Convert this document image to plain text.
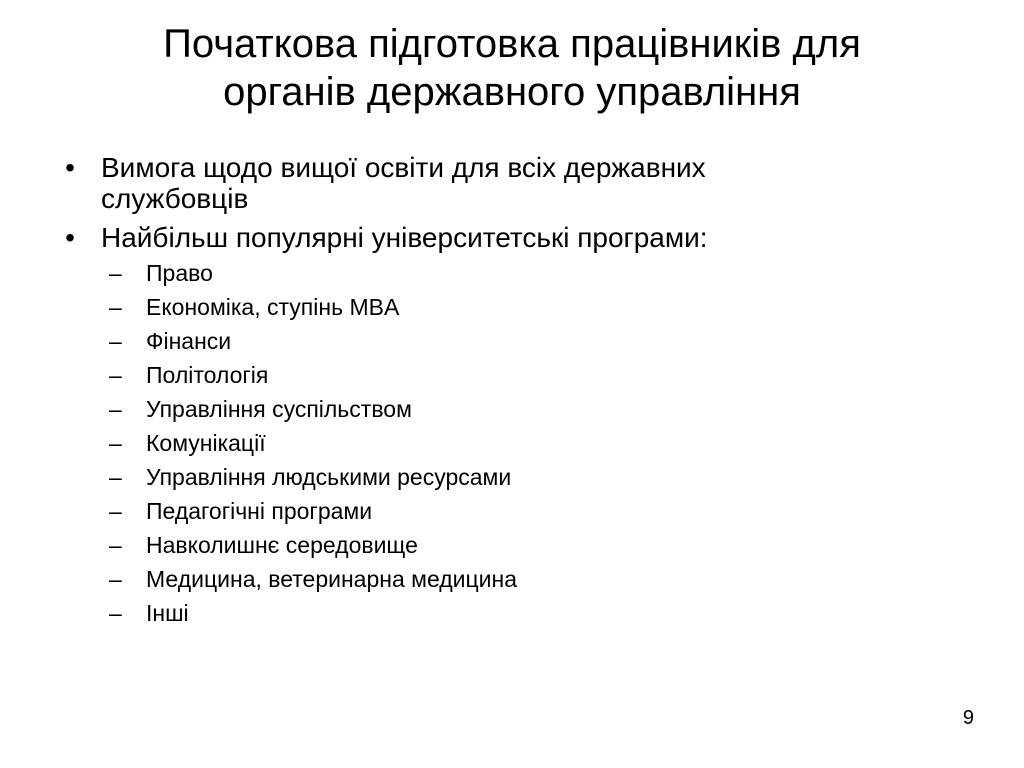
Початкова підготовка працівників для
органів державного управління
• Вимога щодо вищої освіти для всіх державних
службовців
• Найбільш популярні університетські програми:
– Право
– Економіка, ступінь MBA
– Фінанси
– Політологія
– Управління суспільством
– Комунікації
– Управління людськими ресурсами
– Педагогічні програми
– Навколишнє середовище
– Медицина, ветеринарна медицина
– Інші
9
